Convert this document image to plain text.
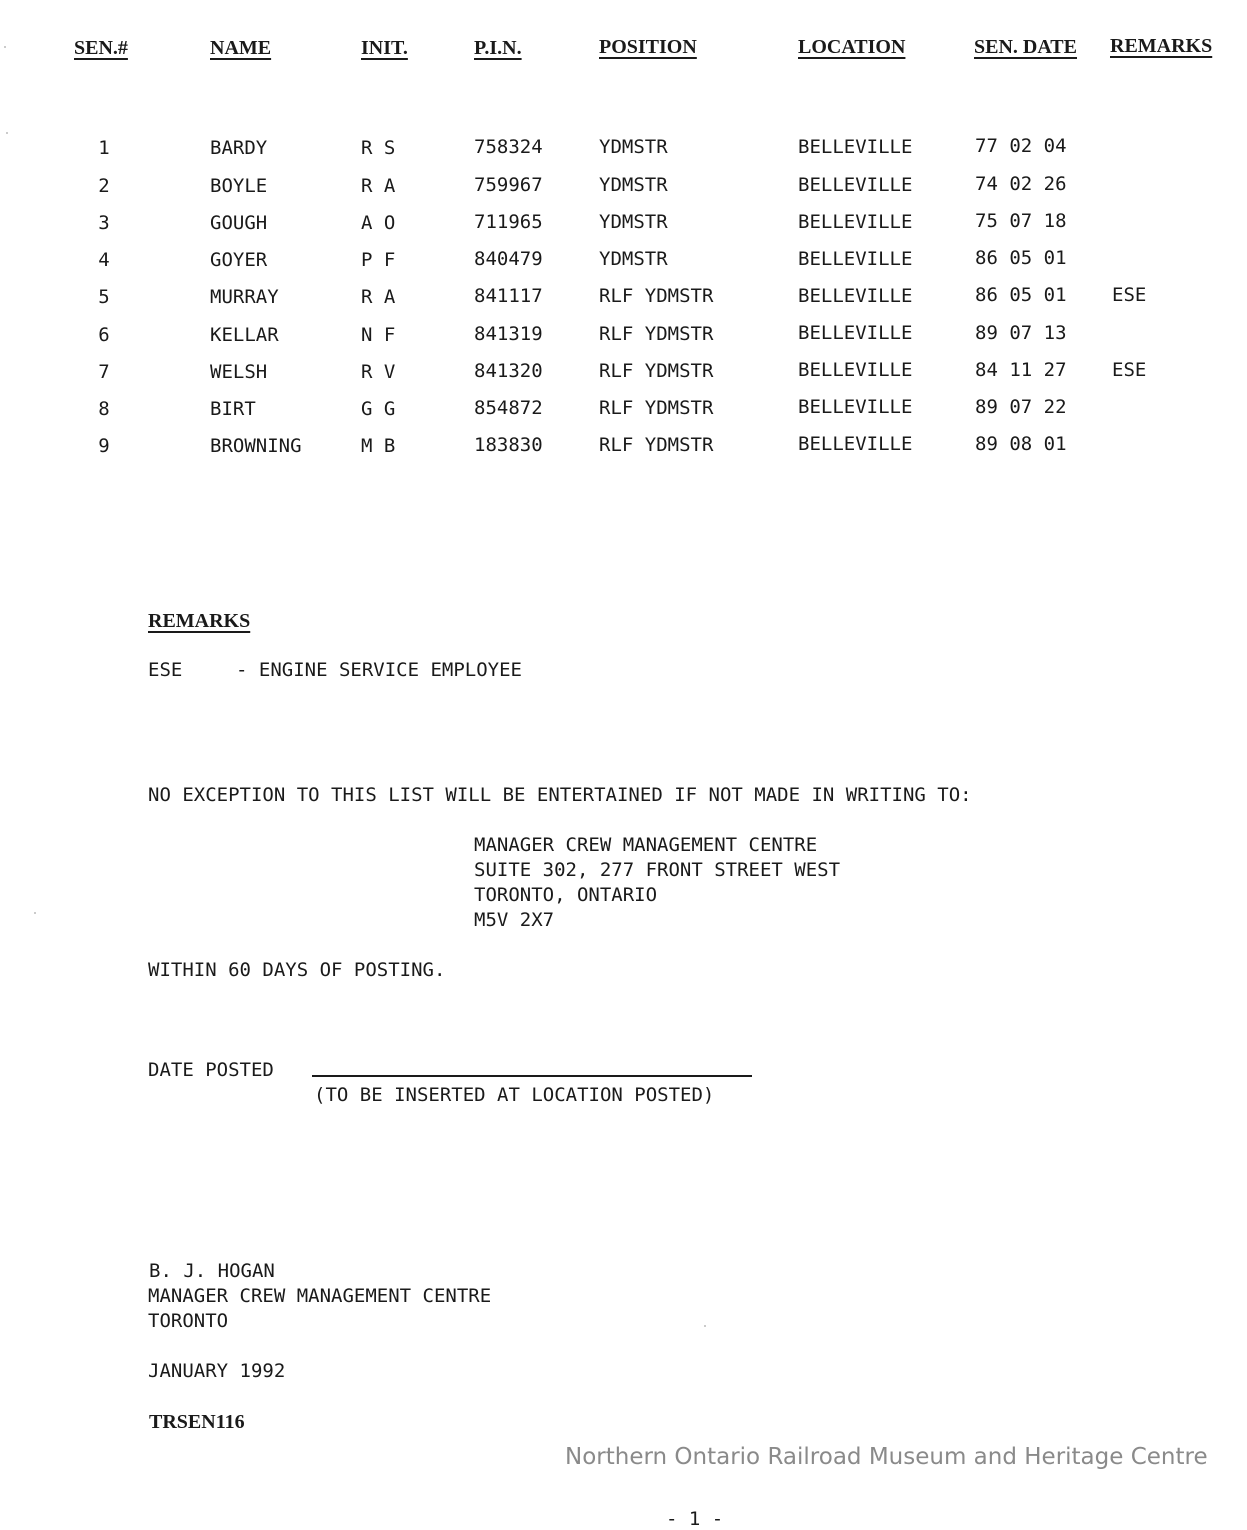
SEN.#	NAME	INIT.	P.I.N.	POSITION	LOCATION	SEN. DATE REMARKS
1	BARDY	R S	758324	YDMSTR	BELLEVILLE	77 02 04
2	BOYLE	R A	759967	YDMSTR	BELLEVILLE	74 02 26
3	GOUGH	A O	711965	YDMSTR	BELLEVILLE	75 07 18
4	GOYER	P F	840479	YDMSTR	BELLEVILLE	86 05 01
5	MURRAY	R A	841117	RLF YDMSTR	BELLEVILLE	86 05 01 ESE
6	KELLAR	N F	841319	RLF YDMSTR	BELLEVILLE	89 07 13
7	WELSH	R V	841320	RLF YDMSTR	BELLEVILLE	84 11 27 ESE
8	BIRT	G G	854872	RLF YDMSTR	BELLEVILLE	89 07 22
9	BROWNING	M B	183830	RLF YDMSTR	BELLEVILLE	89 08 01
REMARKS
ESE	- ENGINE SERVICE EMPLOYEE
NO EXCEPTION TO THIS LIST WILL BE ENTERTAINED IF NOT MADE IN WRITING TO:
MANAGER CREW MANAGEMENT CENTRE
SUITE 302, 277 FRONT STREET WEST
TORONTO, ONTARIO
M5V 2X7
WITHIN 60 DAYS OF POSTING.
DATE POSTED
(TO BE INSERTED AT LOCATION POSTED)
B. J. HOGAN
MANAGER CREW MANAGEMENT CENTRE
TORONTO
JANUARY 1992
TRSEN116
Northern Ontario Railroad Museum and Heritage Centre
- 1 -
